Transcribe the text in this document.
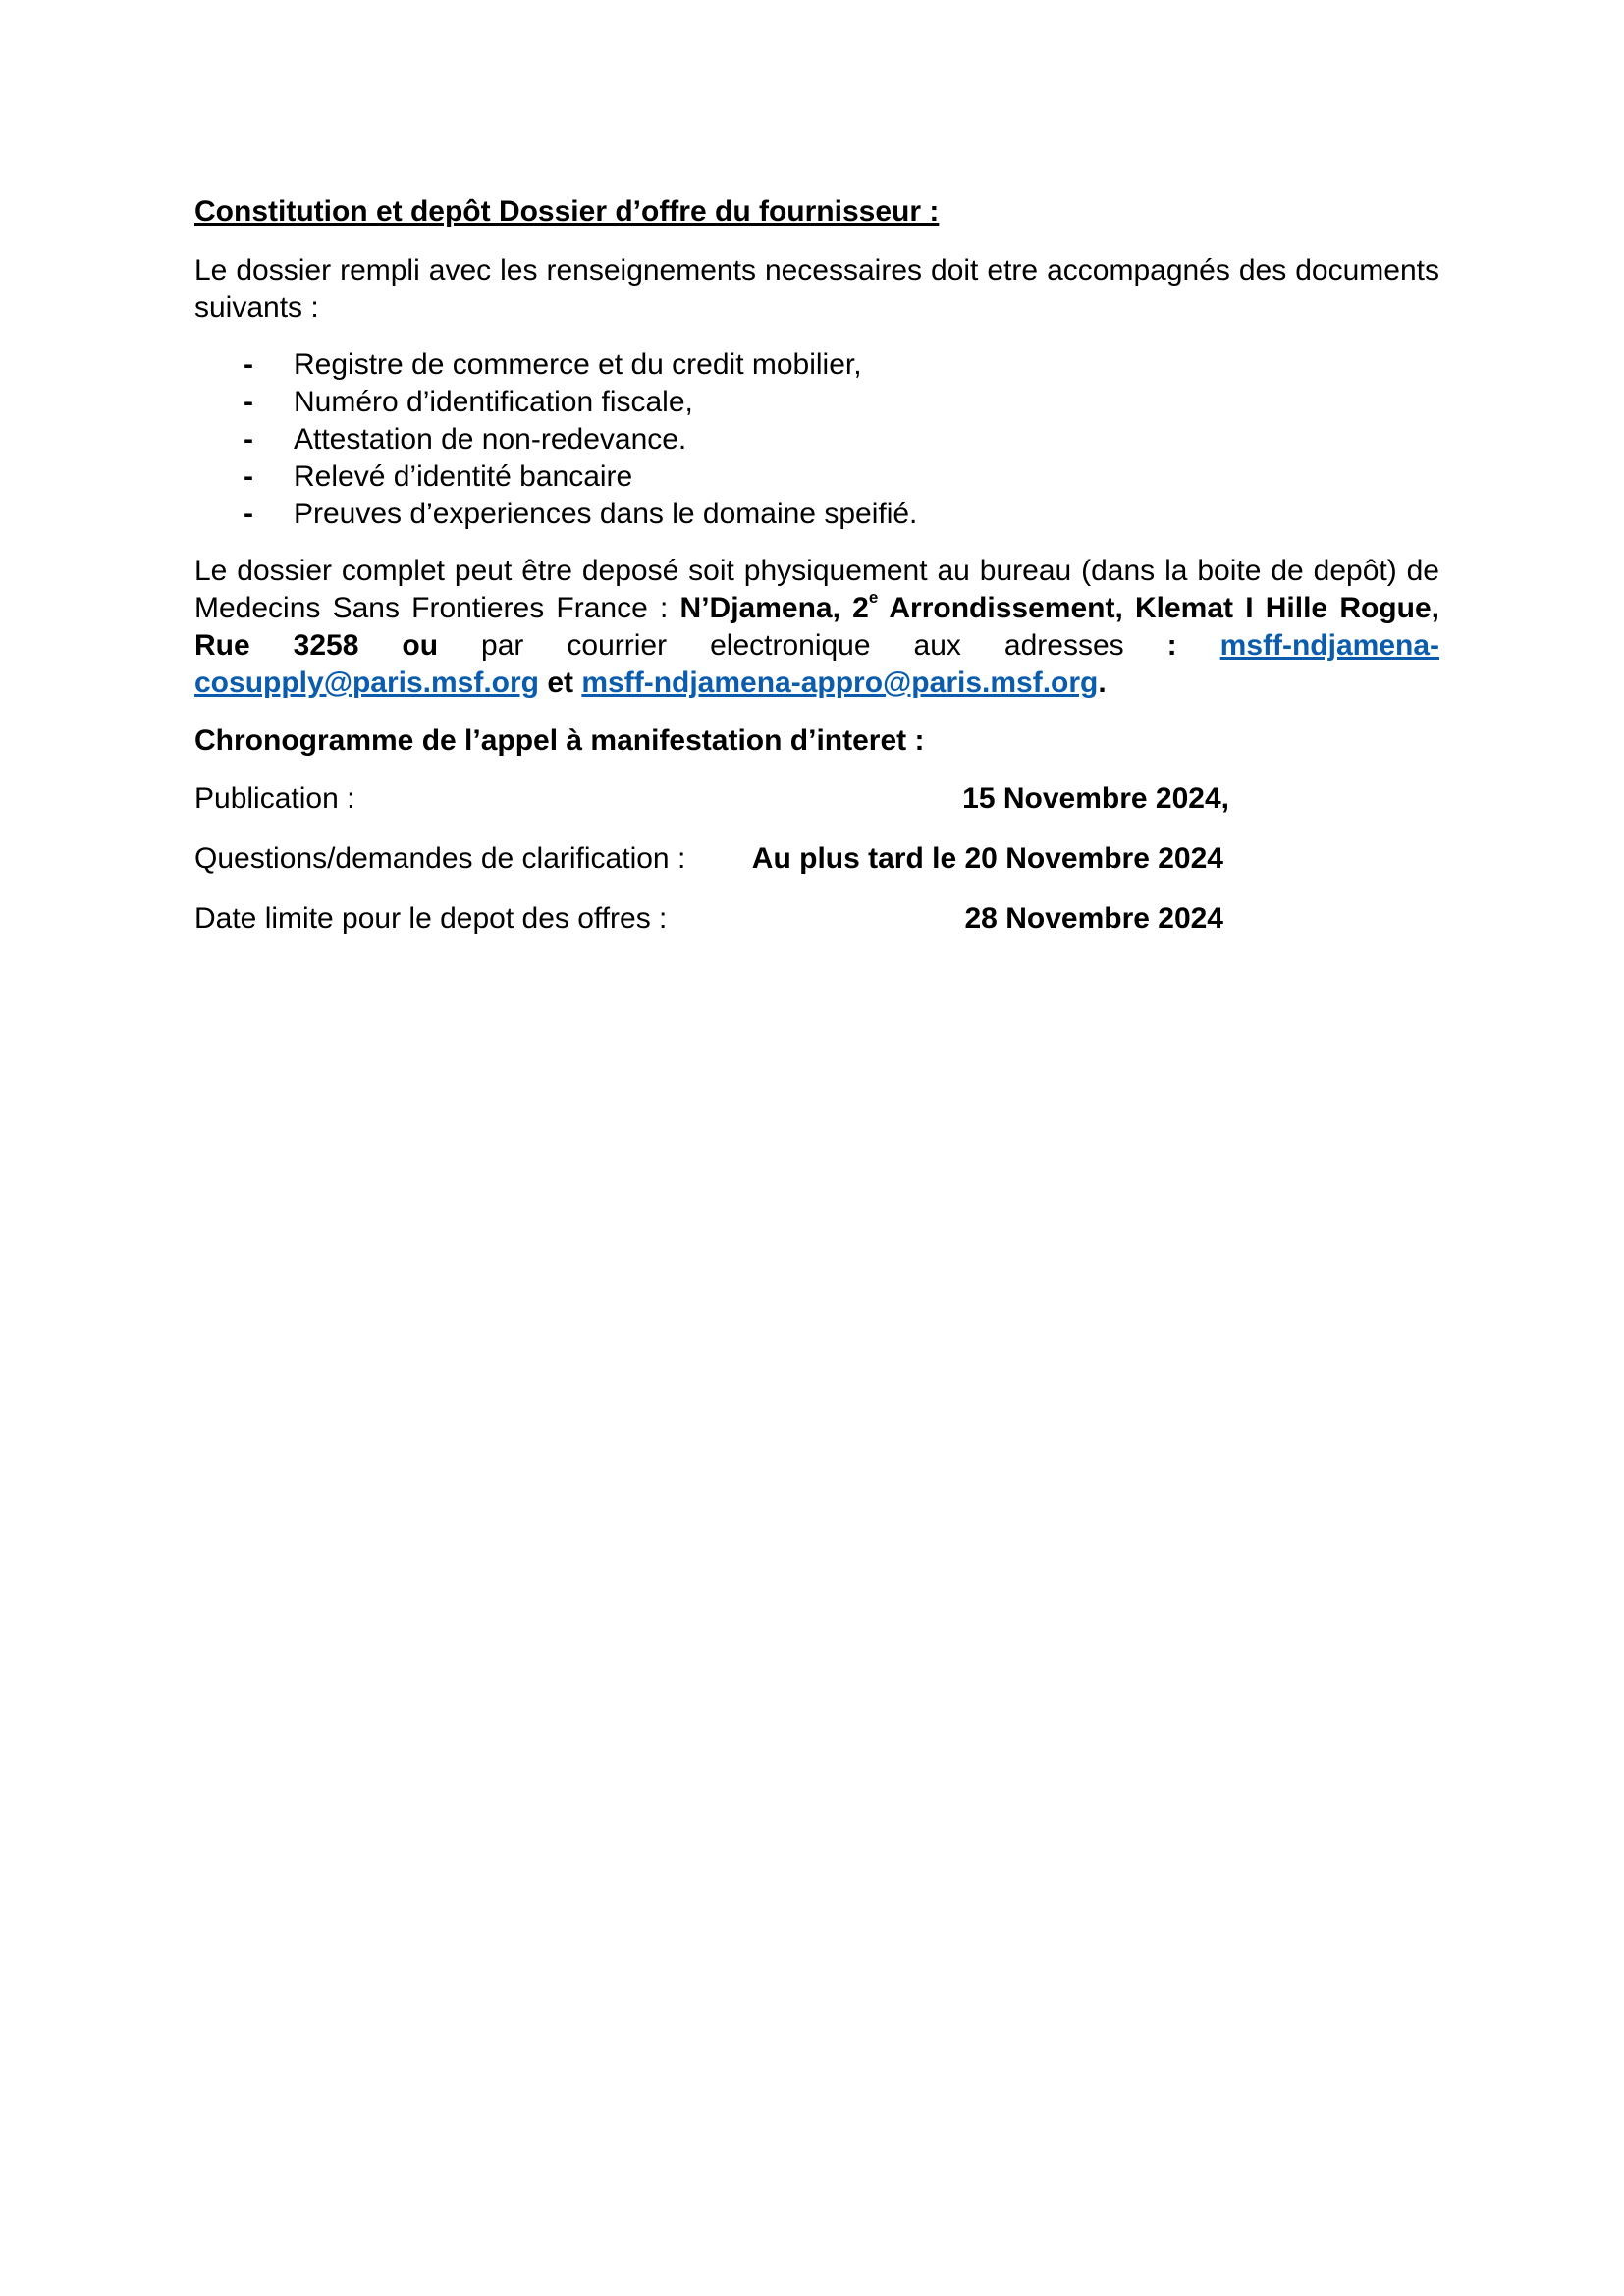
Constitution et depôt Dossier d’offre du fournisseur :

Le dossier rempli avec les renseignements necessaires doit etre accompagnés des documents suivants :

- Registre de commerce et du credit mobilier,
- Numéro d’identification fiscale,
- Attestation de non-redevance.
- Relevé d’identité bancaire
- Preuves d’experiences dans le domaine speifié.

Le dossier complet peut être deposé soit physiquement au bureau (dans la boite de depôt) de Medecins Sans Frontieres France : N’Djamena, 2e Arrondissement, Klemat I Hille Rogue, Rue 3258 ou par courrier electronique aux adresses : msff-ndjamena-cosupply@paris.msf.org et msff-ndjamena-appro@paris.msf.org.

Chronogramme de l’appel à manifestation d’interet :

Publication :	15 Novembre 2024,
Questions/demandes de clarification : Au plus tard le 20 Novembre 2024
Date limite pour le depot des offres :	28 Novembre 2024
